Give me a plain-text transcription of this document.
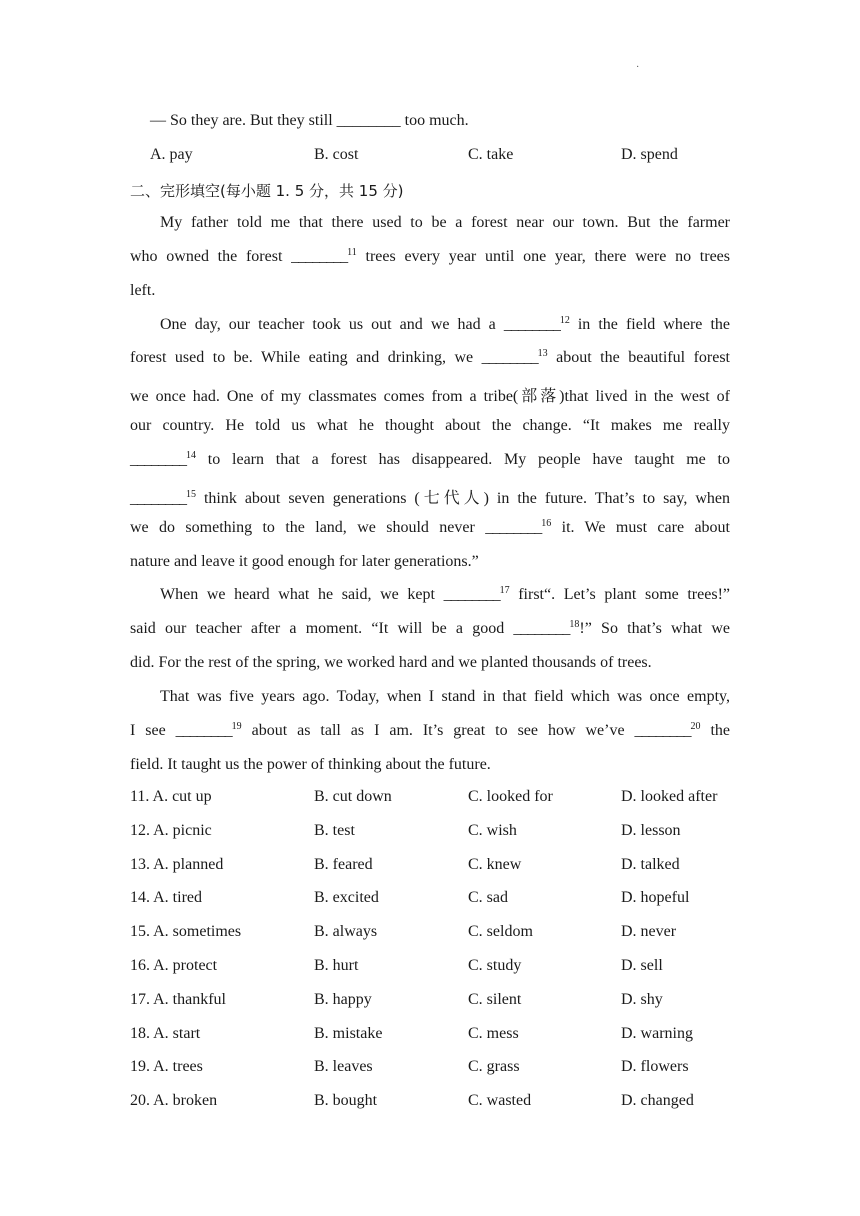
·
— So they are. But they still ________ too much.
A. pay	B. cost	C. take	D. spend
二、完形填空(每小题 1. 5 分，共 15 分)
My father told me that there used to be a forest near our town. But the farmer
who owned the forest ________$^{11}$ trees every year until one year, there were no trees
left.
One day, our teacher took us out and we had a ________$^{12}$ in the field where the
forest used to be. While eating and drinking, we ________$^{13}$ about the beautiful forest
we once had. One of my classmates comes from a tribe(部落)that lived in the west of
our country. He told us what he thought about the change. “It makes me really
________$^{14}$ to learn that a forest has disappeared. My people have taught me to
________$^{15}$ think about seven generations (七代人) in the future. That’s to say, when
we do something to the land, we should never ________$^{16}$ it. We must care about
nature and leave it good enough for later generations.”
When we heard what he said, we kept ________$^{17}$ first“. Let’s plant some trees!”
said our teacher after a moment. “It will be a good ________$^{18}$!” So that’s what we
did. For the rest of the spring, we worked hard and we planted thousands of trees.
That was five years ago. Today, when I stand in that field which was once empty,
I see ________$^{19}$ about as tall as I am. It’s great to see how we’ve ________$^{20}$ the
field. It taught us the power of thinking about the future.
11. A. cut up	B. cut down	C. looked for	D. looked after
12. A. picnic	B. test	C. wish	D. lesson
13. A. planned	B. feared	C. knew	D. talked
14. A. tired	B. excited	C. sad	D. hopeful
15. A. sometimes	B. always	C. seldom	D. never
16. A. protect	B. hurt	C. study	D. sell
17. A. thankful	B. happy	C. silent	D. shy
18. A. start	B. mistake	C. mess	D. warning
19. A. trees	B. leaves	C. grass	D. flowers
20. A. broken	B. bought	C. wasted	D. changed
